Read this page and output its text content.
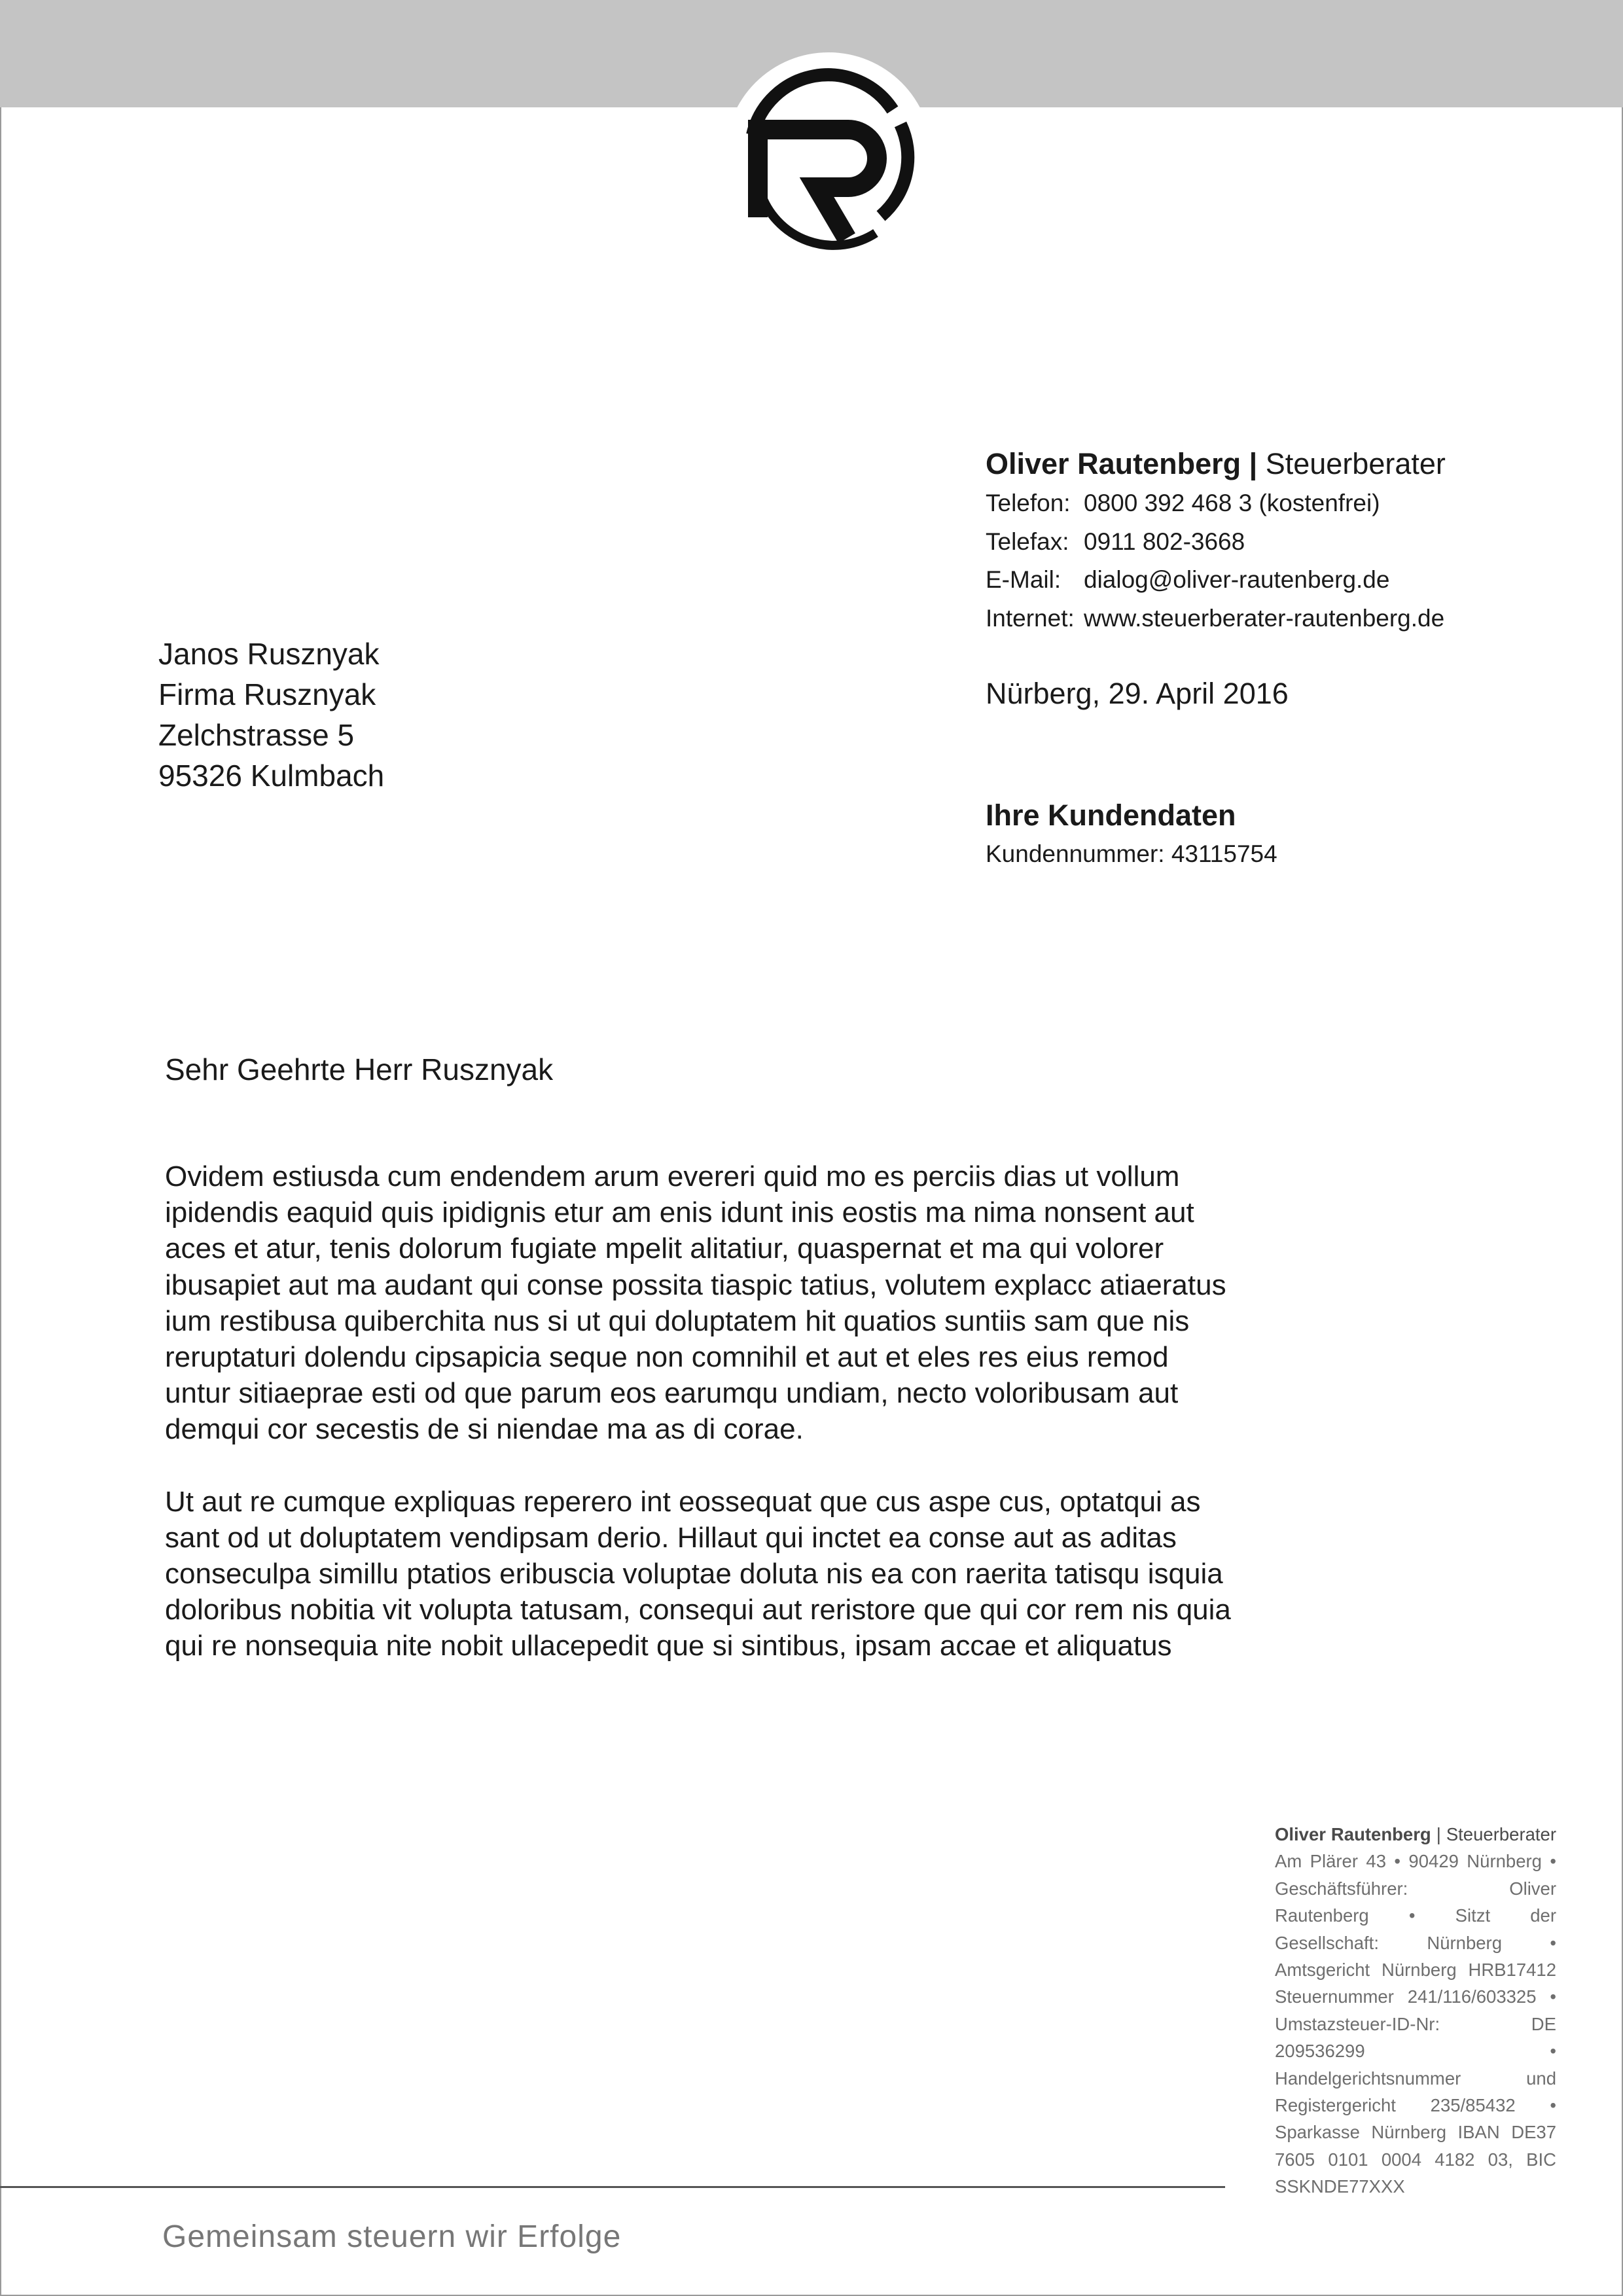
Oliver Rautenberg | Steuerberater
Telefon: 0800 392 468 3 (kostenfrei)
Telefax: 0911 802-3668
E-Mail: dialog@oliver-rautenberg.de
Internet: www.steuerberater-rautenberg.de
Nürberg, 29. April 2016
Ihre Kundendaten
Kundennummer: 43115754
Janos Rusznyak
Firma Rusznyak
Zelchstrasse 5
95326 Kulmbach
Sehr Geehrte Herr Rusznyak

Ovidem estiusda cum endendem arum evereri quid mo es perciis dias ut vollum ipidendis eaquid quis ipidignis etur am enis idunt inis eostis ma nima nonsent aut aces et atur, tenis dolorum fugiate mpelit alitatiur, quaspernat et ma qui volorer ibusapiet aut ma audant qui conse possita tiaspic tatius, volutem explacc atiaeratus ium restibusa quiberchita nus si ut qui doluptatem hit quatios suntiis sam que nis reruptaturi dolendu cipsapicia seque non comnihil et aut et eles res eius remod untur sitiaeprae esti od que parum eos earumqu undiam, necto voloribusam aut demqui cor secestis de si niendae ma as di corae.

Ut aut re cumque expliquas reperero int eossequat que cus aspe cus, optatqui as sant od ut doluptatem vendipsam derio. Hillaut qui inctet ea conse aut as aditas conseculpa simillu ptatios eribuscia voluptae doluta nis ea con raerita tatisqu isquia doloribus nobitia vit volupta tatusam, consequi aut reristore que qui cor rem nis quia qui re nonsequia nite nobit ullacepedit que si sintibus, ipsam accae et aliquatus

Oliver Rautenberg | Steuerberater Am Plärer 43 • 90429 Nürnberg • Geschäftsführer: Oliver Rautenberg • Sitzt der Gesellschaft: Nürnberg • Amtsgericht Nürnberg HRB17412 Steuernummer 241/116/603325 • Umstazsteuer-ID-Nr: DE 209536299 • Handelgerichtsnummer und Registergericht 235/85432 • Sparkasse Nürnberg IBAN DE37 7605 0101 0004 4182 03, BIC SSKNDE77XXX
Gemeinsam steuern wir Erfolge
